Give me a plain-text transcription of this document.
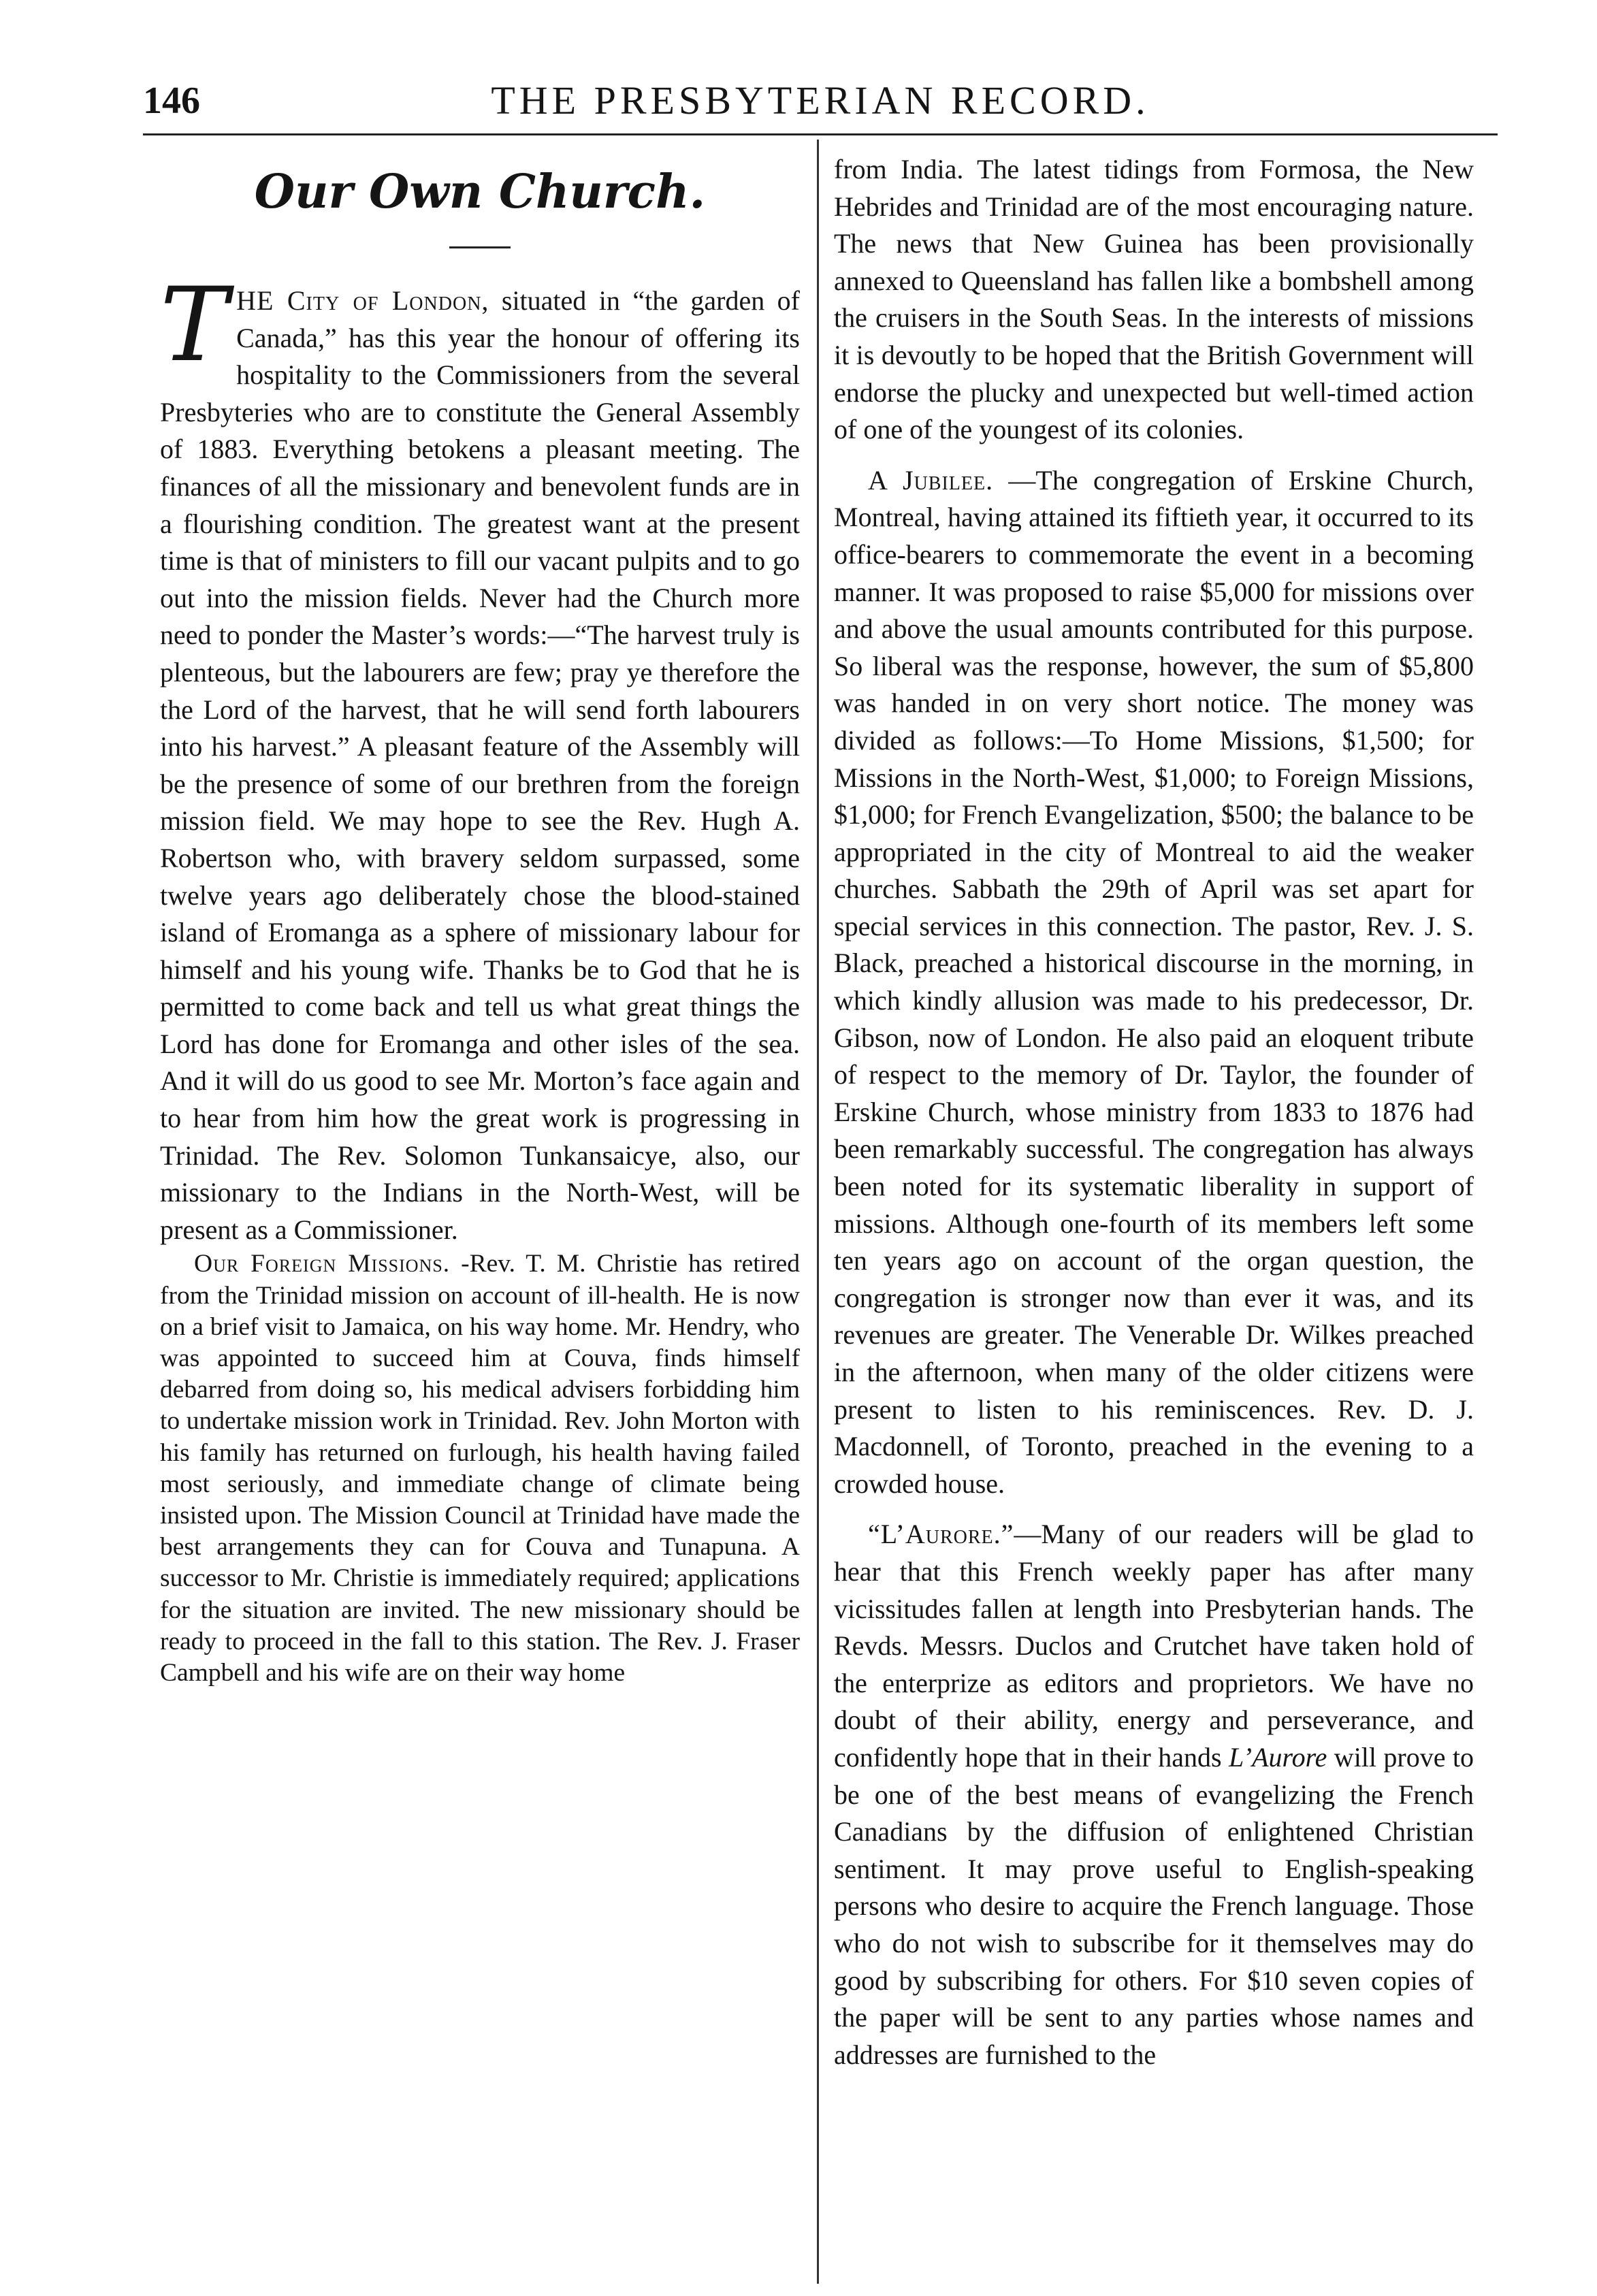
146	THE PRESBYTERIAN RECORD.
Our Own Church.

THE City of London, situated in “the garden of Canada,” has this year the honour of offering its hospitality to the Commissioners from the several Presbyteries who are to constitute the General Assembly of 1883. Everything betokens a pleasant meeting. The finances of all the missionary and benevolent funds are in a flourishing condition. The greatest want at the present time is that of ministers to fill our vacant pulpits and to go out into the mission fields. Never had the Church more need to ponder the Master’s words:—“The harvest truly is plenteous, but the labourers are few; pray ye therefore the the Lord of the harvest, that he will send forth labourers into his harvest.” A pleasant feature of the Assembly will be the presence of some of our brethren from the foreign mission field. We may hope to see the Rev. Hugh A. Robertson who, with bravery seldom surpassed, some twelve years ago deliberately chose the blood-stained island of Eromanga as a sphere of missionary labour for himself and his young wife. Thanks be to God that he is permitted to come back and tell us what great things the Lord has done for Eromanga and other isles of the sea. And it will do us good to see Mr. Morton’s face again and to hear from him how the great work is progressing in Trinidad. The Rev. Solomon Tunkansaicye, also, our missionary to the Indians in the North-West, will be present as a Commissioner.

Our Foreign Missions. -Rev. T. M. Christie has retired from the Trinidad mission on account of ill-health. He is now on a brief visit to Jamaica, on his way home. Mr. Hendry, who was appointed to succeed him at Couva, finds himself debarred from doing so, his medical advisers forbidding him to undertake mission work in Trinidad. Rev. John Morton with his family has returned on furlough, his health having failed most seriously, and immediate change of climate being insisted upon. The Mission Council at Trinidad have made the best arrangements they can for Couva and Tunapuna. A successor to Mr. Christie is immediately required; applications for the situation are invited. The new missionary should be ready to proceed in the fall to this station. The Rev. J. Fraser Campbell and his wife are on their way home

from India. The latest tidings from Formosa, the New Hebrides and Trinidad are of the most encouraging nature. The news that New Guinea has been provisionally annexed to Queensland has fallen like a bombshell among the cruisers in the South Seas. In the interests of missions it is devoutly to be hoped that the British Government will endorse the plucky and unexpected but well-timed action of one of the youngest of its colonies.

A Jubilee. —The congregation of Erskine Church, Montreal, having attained its fiftieth year, it occurred to its office-bearers to commemorate the event in a becoming manner. It was proposed to raise $5,000 for missions over and above the usual amounts contributed for this purpose. So liberal was the response, however, the sum of $5,800 was handed in on very short notice. The money was divided as follows:—To Home Missions, $1,500; for Missions in the North-West, $1,000; to Foreign Missions, $1,000; for French Evangelization, $500; the balance to be appropriated in the city of Montreal to aid the weaker churches. Sabbath the 29th of April was set apart for special services in this connection. The pastor, Rev. J. S. Black, preached a historical discourse in the morning, in which kindly allusion was made to his predecessor, Dr. Gibson, now of London. He also paid an eloquent tribute of respect to the memory of Dr. Taylor, the founder of Erskine Church, whose ministry from 1833 to 1876 had been remarkably successful. The congregation has always been noted for its systematic liberality in support of missions. Although one-fourth of its members left some ten years ago on account of the organ question, the congregation is stronger now than ever it was, and its revenues are greater. The Venerable Dr. Wilkes preached in the afternoon, when many of the older citizens were present to listen to his reminiscences. Rev. D. J. Macdonnell, of Toronto, preached in the evening to a crowded house.

“L’Aurore.”—Many of our readers will be glad to hear that this French weekly paper has after many vicissitudes fallen at length into Presbyterian hands. The Revds. Messrs. Duclos and Crutchet have taken hold of the enterprize as editors and proprietors. We have no doubt of their ability, energy and perseverance, and confidently hope that in their hands L’Aurore will prove to be one of the best means of evangelizing the French Canadians by the diffusion of enlightened Christian sentiment. It may prove useful to English-speaking persons who desire to acquire the French language. Those who do not wish to subscribe for it themselves may do good by subscribing for others. For $10 seven copies of the paper will be sent to any parties whose names and addresses are furnished to the
